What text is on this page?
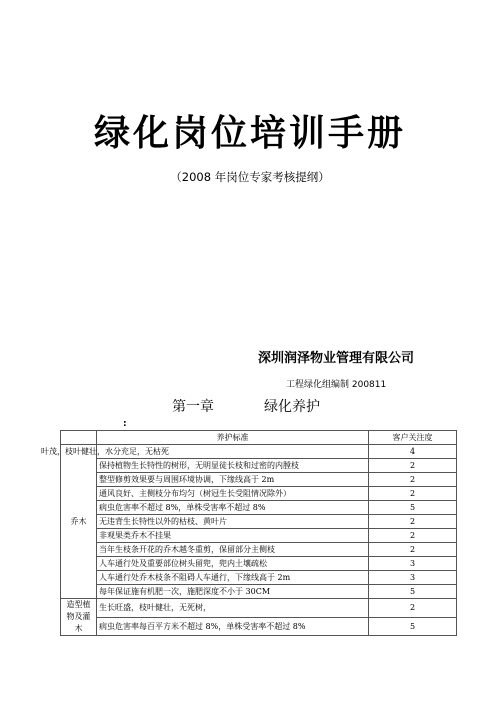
绿化岗位培训手册
（2008 年岗位专家考核提纲）
深圳润泽物业管理有限公司
工程绿化组编制 200811
第一章	绿化养护
:
	养护标准	客户关注度
乔木	叶茂，枝叶健壮，水分充足，无枯死	4
	保持植物生长特性的树形，无明显徒长枝和过密的内膛枝	2
	整型修剪效果要与周围环境协调，下缘线高于 2m	2
	通风良好、主侧枝分布均匀（树冠生长受阻情况除外）	2
	病虫危害率不超过 8%，单株受害率不超过 8%	5
	无违背生长特性以外的枯枝、黄叶片	2
	非观果类乔木不挂果	2
	当年生枝条开花的乔木越冬重剪，保留部分主侧枝	2
	人车通行处及重要部位树头留兜，兜内土壤疏松	3
	人车通行处乔木枝条不阻碍人车通行，下缘线高于 2m	3
	每年保证施有机肥一次，施肥深度不小于 30CM	5
造型植物及灌木	生长旺盛，枝叶健壮，无死树，	2
	病虫危害率每百平方米不超过 8%，单株受害率不超过 8%	5
